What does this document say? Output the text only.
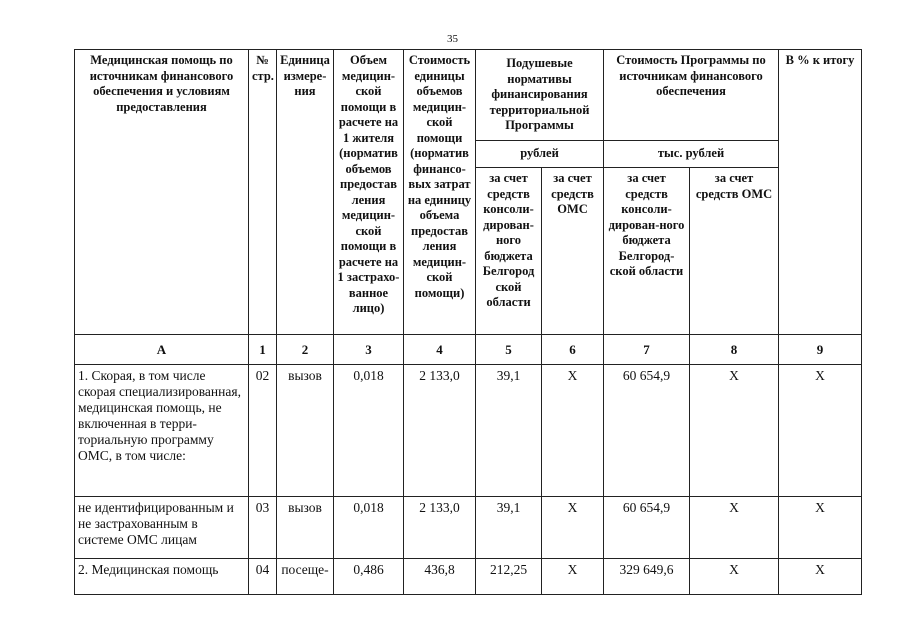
35
Медицинская помощь по источникам финансового обеспечения и условиям предоставления	№ стр.	Единица измере-ния	Объем медицин-ской помощи в расчете на 1 жителя (норматив объемов предостав ления медицин-ской помощи в расчете на 1 застрахо-ванное лицо)	Стоимость единицы объемов медицин-ской помощи (норматив финансо-вых затрат на единицу объема предостав ления медицин-ской помощи)	Подушевые нормативы финансирования территориальной Программы		Стоимость Программы по источникам финансового обеспечения		В % к итогу
					рублей		тыс. рублей		
					за счет средств консоли-дирован-ного бюджета Белгород ской области	за счет средств ОМС	за счет средств консоли-дирован-ного бюджета Белгород-ской области	за счет средств ОМС	
А	1	2	3	4	5	6	7	8	9
1. Скорая, в том числе скорая специализированная, медицинская помощь, не включенная в терри-ториальную программу ОМС, в том числе:	02	вызов	0,018	2 133,0	39,1	Х	60 654,9	Х	Х
не идентифицированным и не застрахованным в системе ОМС лицам	03	вызов	0,018	2 133,0	39,1	Х	60 654,9	Х	Х
2. Медицинская помощь	04	посеще-	0,486	436,8	212,25	Х	329 649,6	Х	Х
